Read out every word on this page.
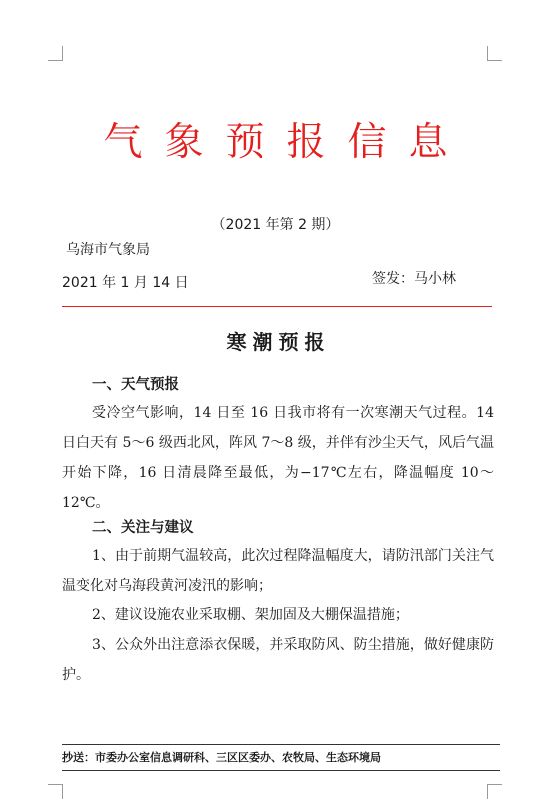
气象预报信息
（2021 年第 2 期）
乌海市气象局
2021 年 1 月 14 日	签发：马小林
寒潮预报
一、天气预报

受冷空气影响，14 日至 16 日我市将有一次寒潮天气过程。14 日白天有 5～6 级西北风，阵风 7～8 级，并伴有沙尘天气，风后气温开始下降，16 日清晨降至最低，为−17℃左右，降温幅度 10～12℃。

二、关注与建议

1、由于前期气温较高，此次过程降温幅度大，请防汛部门关注气温变化对乌海段黄河凌汛的影响；

2、建议设施农业采取棚、架加固及大棚保温措施；

3、公众外出注意添衣保暖，并采取防风、防尘措施，做好健康防护。

抄送：市委办公室信息调研科、三区区委办、农牧局、生态环境局
